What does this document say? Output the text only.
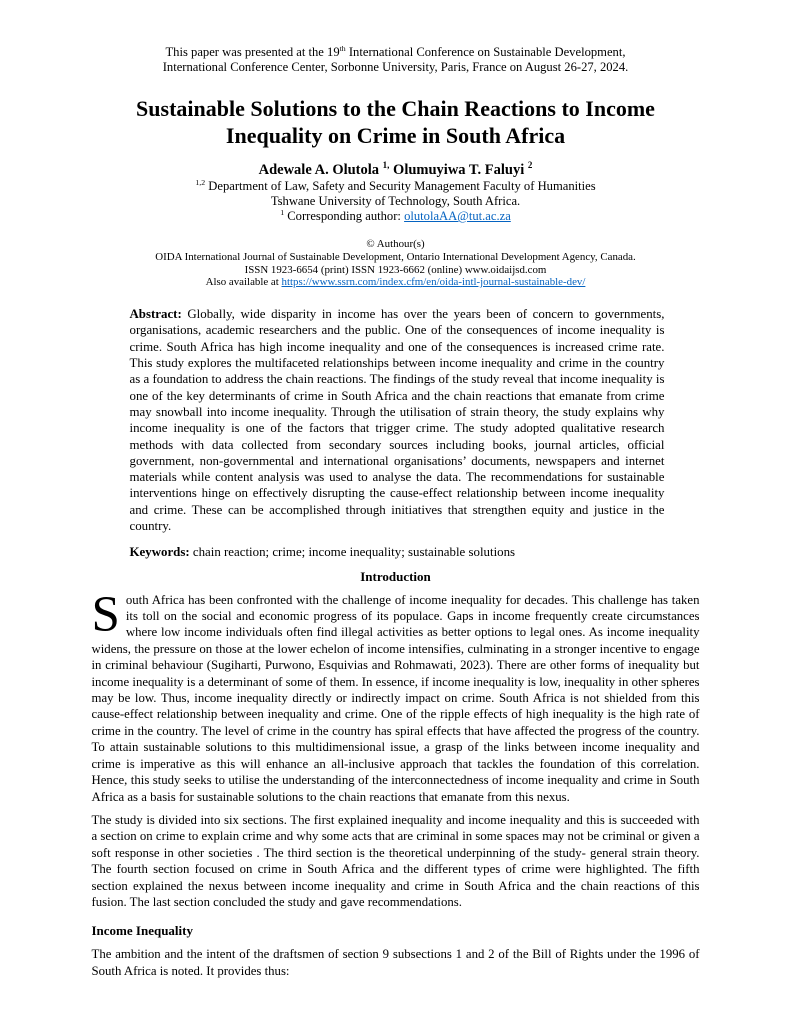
This paper was presented at the 19th International Conference on Sustainable Development,
International Conference Center, Sorbonne University, Paris, France on August 26-27, 2024.
Sustainable Solutions to the Chain Reactions to Income
Inequality on Crime in South Africa
Adewale A. Olutola $^{1,}$ Olumuyiwa T. Faluyi $^2$
$^{1,2}$ Department of Law, Safety and Security Management Faculty of Humanities
Tshwane University of Technology, South Africa.
$^1$ Corresponding author: olutolaAA@tut.ac.za
© Authour(s)
OIDA International Journal of Sustainable Development, Ontario International Development Agency, Canada.
ISSN 1923-6654 (print) ISSN 1923-6662 (online) www.oidaijsd.com
Also available at https://www.ssrn.com/index.cfm/en/oida-intl-journal-sustainable-dev/
Abstract: Globally, wide disparity in income has over the years been of concern to governments, organisations, academic researchers and the public. One of the consequences of income inequality is crime. South Africa has high income inequality and one of the consequences is increased crime rate. This study explores the multifaceted relationships between income inequality and crime in the country as a foundation to address the chain reactions. The findings of the study reveal that income inequality is one of the key determinants of crime in South Africa and the chain reactions that emanate from crime may snowball into income inequality. Through the utilisation of strain theory, the study explains why income inequality is one of the factors that trigger crime. The study adopted qualitative research methods with data collected from secondary sources including books, journal articles, official government, non-governmental and international organisations’ documents, newspapers and internet materials while content analysis was used to analyse the data. The recommendations for sustainable interventions hinge on effectively disrupting the cause-effect relationship between income inequality and crime. These can be accomplished through initiatives that strengthen equity and justice in the country.
Keywords: chain reaction; crime; income inequality; sustainable solutions
Introduction

South Africa has been confronted with the challenge of income inequality for decades. This challenge has taken its toll on the social and economic progress of its populace. Gaps in income frequently create circumstances where low income individuals often find illegal activities as better options to legal ones. As income inequality widens, the pressure on those at the lower echelon of income intensifies, culminating in a stronger incentive to engage in criminal behaviour (Sugiharti, Purwono, Esquivias and Rohmawati, 2023). There are other forms of inequality but income inequality is a determinant of some of them. In essence, if income inequality is low, inequality in other spheres may be low. Thus, income inequality directly or indirectly impact on crime. South Africa is not shielded from this cause-effect relationship between inequality and crime. One of the ripple effects of high inequality is the high rate of crime in the country. The level of crime in the country has spiral effects that have affected the progress of the country. To attain sustainable solutions to this multidimensional issue, a grasp of the links between income inequality and crime is imperative as this will enhance an all-inclusive approach that tackles the foundation of this correlation. Hence, this study seeks to utilise the understanding of the interconnectedness of income inequality and crime in South Africa as a basis for sustainable solutions to the chain reactions that emanate from this nexus.

The study is divided into six sections. The first explained inequality and income inequality and this is succeeded with a section on crime to explain crime and why some acts that are criminal in some spaces may not be criminal or given a soft response in other societies . The third section is the theoretical underpinning of the study- general strain theory. The fourth section focused on crime in South Africa and the different types of crime were highlighted. The fifth section explained the nexus between income inequality and crime in South Africa and the chain reactions of this fusion. The last section concluded the study and gave recommendations.

Income Inequality

The ambition and the intent of the draftsmen of section 9 subsections 1 and 2 of the Bill of Rights under the 1996 of South Africa is noted. It provides thus:
